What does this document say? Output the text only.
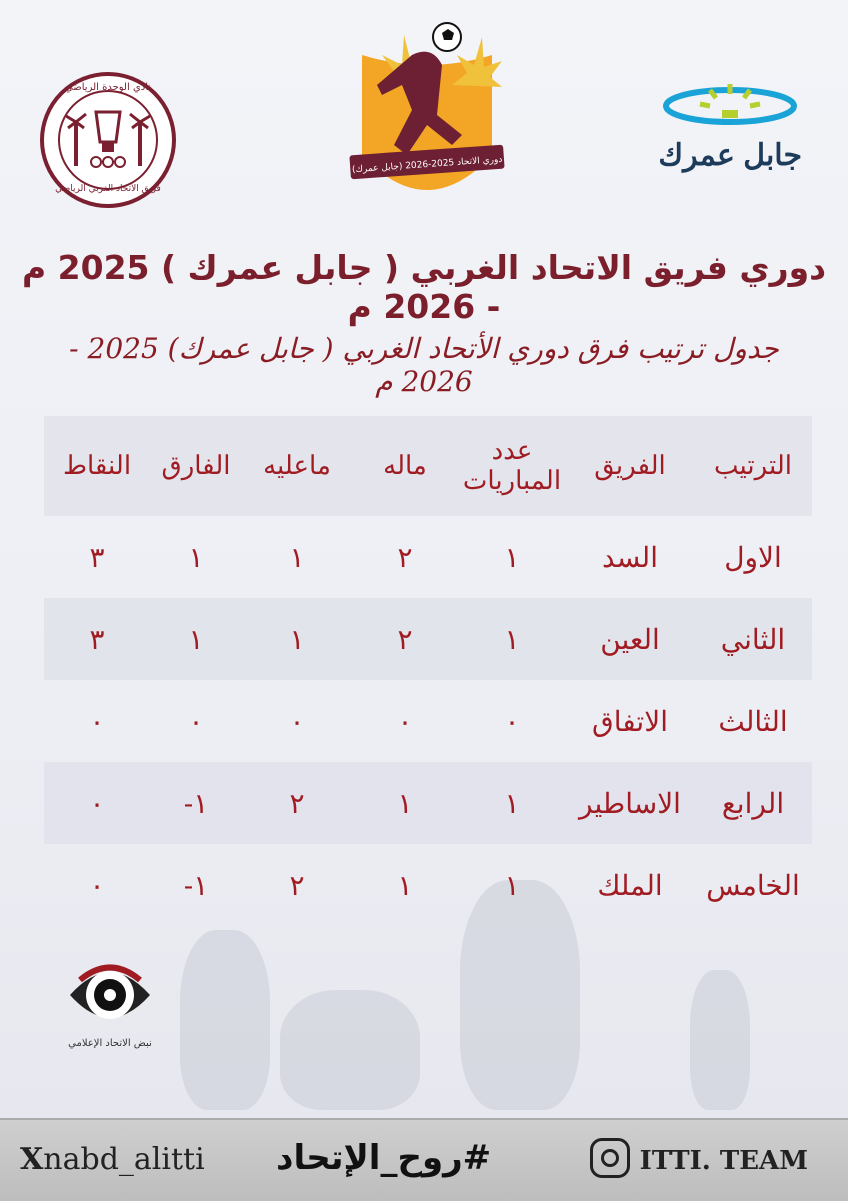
نادي الوحدة الرياضي
فريق الاتحاد الغربي الرياضي
دوري الاتحاد 2025-2026 (جابل عمرك)	جابل عمرك
دوري فريق الاتحاد الغربي ( جابل عمرك ) 2025 م - 2026 م
جدول ترتيب فرق دوري الأتحاد الغربي ( جابل عمرك) 2025 - 2026 م
الترتيب	الفريق	عدد المباريات	ماله	ماعليه	الفارق	النقاط
الاول	السد	١	٢	١	١	٣
الثاني	العين	١	٢	١	١	٣
الثالث	الاتفاق	٠	٠	٠	٠	٠
الرابع	الاساطير	١	١	٢	١-	٠
الخامس	الملك	١	١	٢	١-	٠
نبض الاتحاد الإعلامي
Xnabd_alitti #روح_الإتحاد	ITTI. TEAM
